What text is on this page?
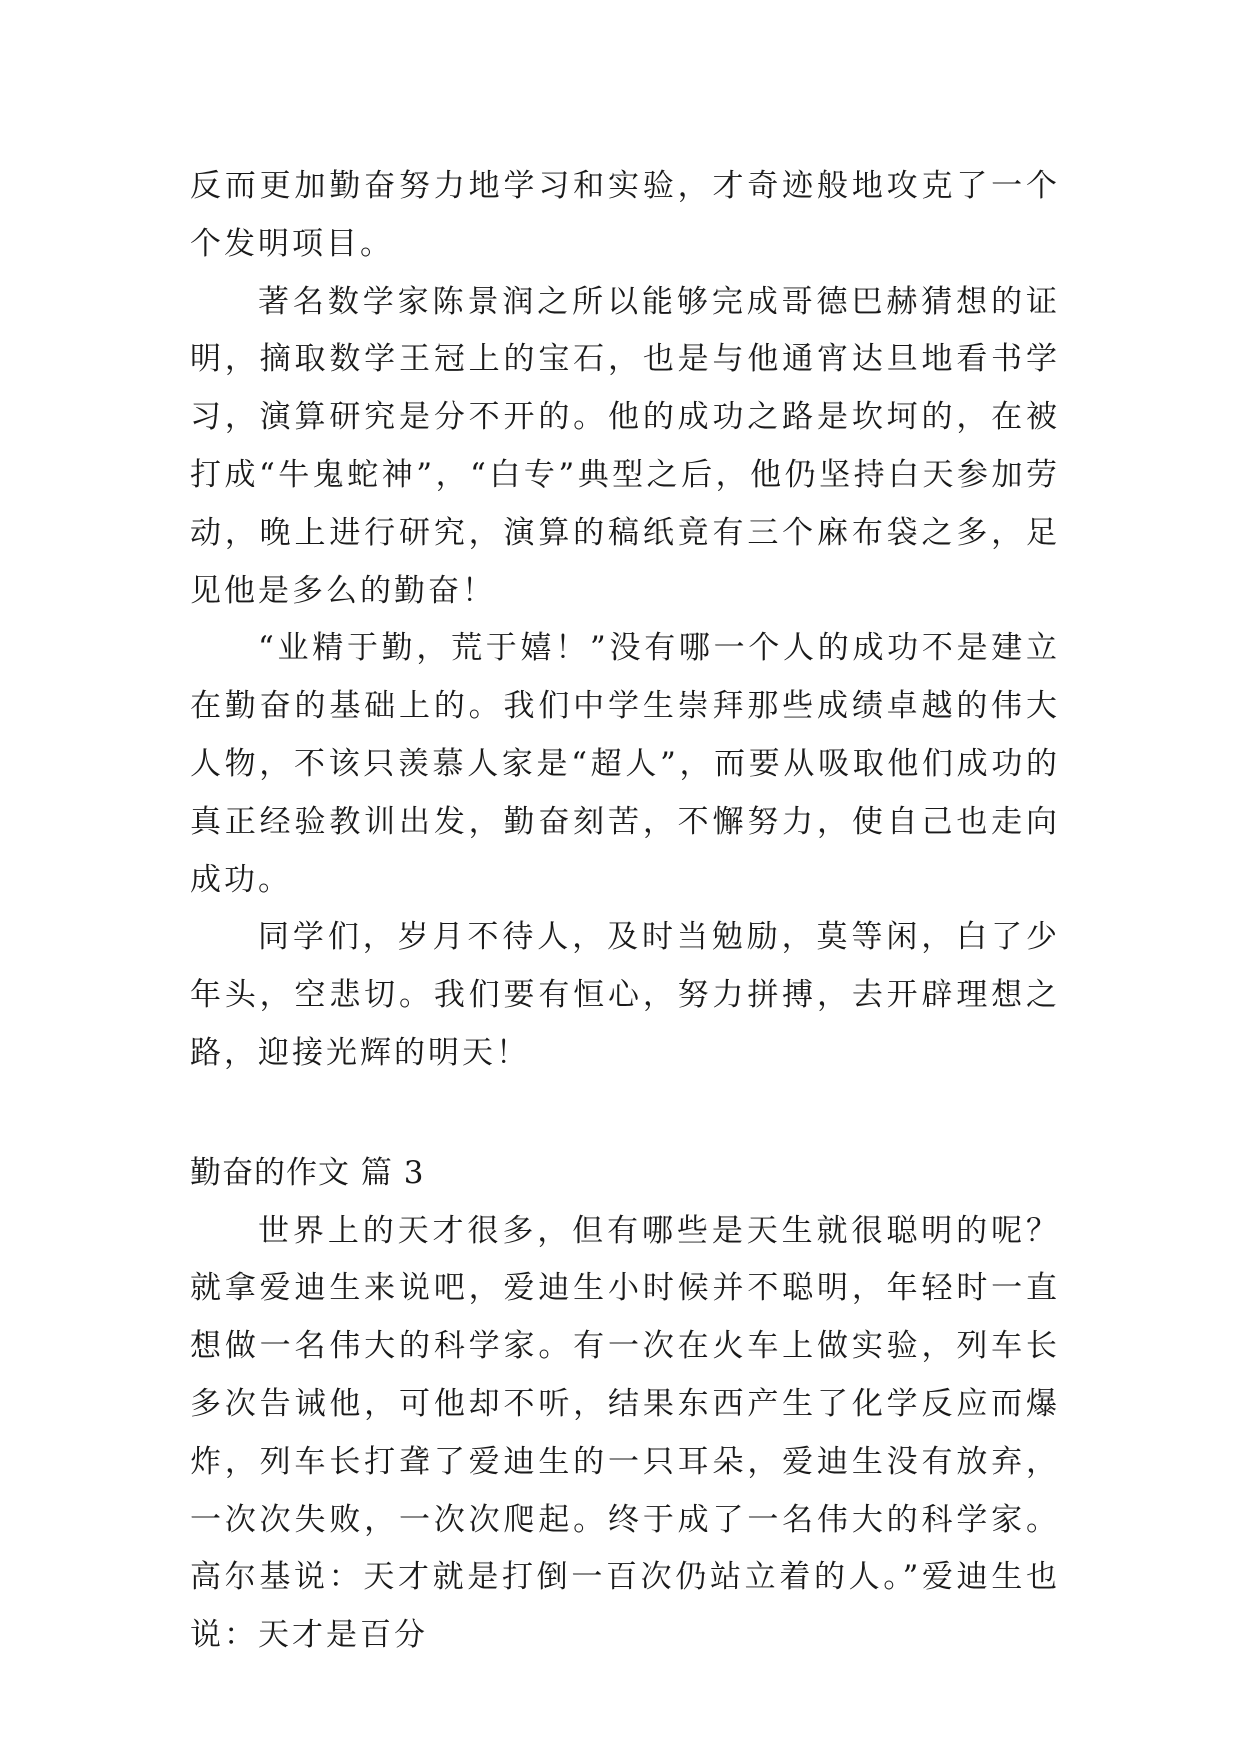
反而更加勤奋努力地学习和实验，才奇迹般地攻克了一个个发明项目。

著名数学家陈景润之所以能够完成哥德巴赫猜想的证明，摘取数学王冠上的宝石，也是与他通宵达旦地看书学习，演算研究是分不开的。他的成功之路是坎坷的，在被打成“牛鬼蛇神”，“白专”典型之后，他仍坚持白天参加劳动，晚上进行研究，演算的稿纸竟有三个麻布袋之多，足见他是多么的勤奋！

“业精于勤，荒于嬉！”没有哪一个人的成功不是建立在勤奋的基础上的。我们中学生崇拜那些成绩卓越的伟大人物，不该只羡慕人家是“超人”，而要从吸取他们成功的真正经验教训出发，勤奋刻苦，不懈努力，使自己也走向成功。

同学们，岁月不待人，及时当勉励，莫等闲，白了少年头，空悲切。我们要有恒心，努力拼搏，去开辟理想之路，迎接光辉的明天！

勤奋的作文 篇 3

世界上的天才很多，但有哪些是天生就很聪明的呢？就拿爱迪生来说吧，爱迪生小时候并不聪明，年轻时一直想做一名伟大的科学家。有一次在火车上做实验，列车长多次告诫他，可他却不听，结果东西产生了化学反应而爆炸，列车长打聋了爱迪生的一只耳朵，爱迪生没有放弃，一次次失败，一次次爬起。终于成了一名伟大的科学家。高尔基说：天才就是打倒一百次仍站立着的人。”爱迪生也说：天才是百分
